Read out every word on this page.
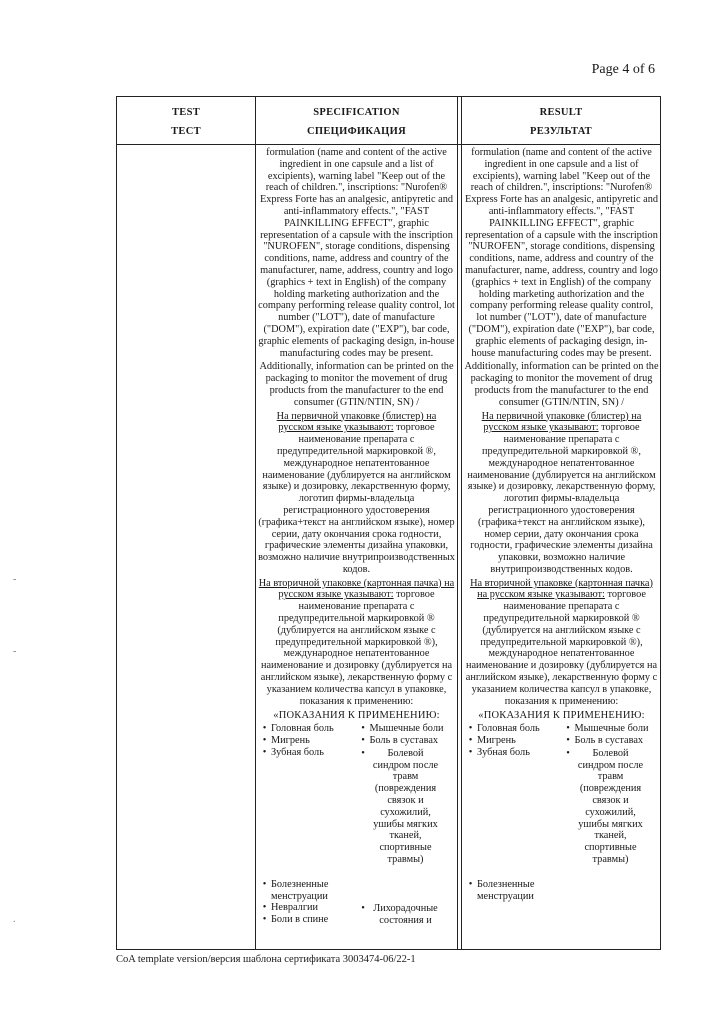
Page 4 of 6
TEST
ТЕСТ
SPECIFICATION
СПЕЦИФИКАЦИЯ
RESULT
РЕЗУЛЬТАТ
formulation (name and content of the active ingredient in one capsule and a list of excipients), warning label "Keep out of the reach of children.", inscriptions: "Nurofen® Express Forte has an analgesic, antipyretic and anti-inflammatory effects.", "FAST PAINKILLING EFFECT", graphic representation of a capsule with the inscription "NUROFEN", storage conditions, dispensing conditions, name, address and country of the manufacturer, name, address, country and logo (graphics + text in English) of the company holding marketing authorization and the company performing release quality control, lot number ("LOT"), date of manufacture ("DOM"), expiration date ("EXP"), bar code, graphic elements of packaging design, in-house manufacturing codes may be present.
Additionally, information can be printed on the packaging to monitor the movement of drug products from the manufacturer to the end consumer (GTIN/NTIN, SN) /
На первичной упаковке (блистер) на русском языке указывают: торговое наименование препарата с предупредительной маркировкой ®, международное непатентованное наименование (дублируется на английском языке) и дозировку, лекарственную форму, логотип фирмы-владельца регистрационного удостоверения (графика+текст на английском языке), номер серии, дату окончания срока годности, графические элементы дизайна упаковки, возможно наличие внутрипроизводственных кодов.
На вторичной упаковке (картонная пачка) на русском языке указывают: торговое наименование препарата с предупредительной маркировкой ® (дублируется на английском языке с предупредительной маркировкой ®), международное непатентованное наименование и дозировку (дублируется на английском языке), лекарственную форму с указанием количества капсул в упаковке, показания к применению:
«ПОКАЗАНИЯ К ПРИМЕНЕНИЮ:
• Головная боль
• Мигрень
• Зубная боль
• Мышечные боли
• Боль в суставах
•	Болевой синдром после травм (повреждения связок и сухожилий, ушибы мягких тканей, спортивные травмы)
• Болезненные менструации
• Невралгии
• Боли в спине
• Лихорадочные состояния и
formulation (name and content of the active ingredient in one capsule and a list of excipients), warning label "Keep out of the reach of children.", inscriptions: "Nurofen® Express Forte has an analgesic, antipyretic and anti-inflammatory effects.", "FAST PAINKILLING EFFECT", graphic representation of a capsule with the inscription "NUROFEN", storage conditions, dispensing conditions, name, address and country of the manufacturer, name, address, country and logo (graphics + text in English) of the company holding marketing authorization and the company performing release quality control, lot number ("LOT"), date of manufacture ("DOM"), expiration date ("EXP"), bar code, graphic elements of packaging design, in-house manufacturing codes may be present.
Additionally, information can be printed on the packaging to monitor the movement of drug products from the manufacturer to the end consumer (GTIN/NTIN, SN) /
На первичной упаковке (блистер) на русском языке указывают: торговое наименование препарата с предупредительной маркировкой ®, международное непатентованное наименование (дублируется на английском языке) и дозировку, лекарственную форму, логотип фирмы-владельца регистрационного удостоверения (графика+текст на английском языке), номер серии, дату окончания срока годности, графические элементы дизайна упаковки, возможно наличие внутрипроизводственных кодов.
На вторичной упаковке (картонная пачка) на русском языке указывают: торговое наименование препарата с предупредительной маркировкой ® (дублируется на английском языке с предупредительной маркировкой ®), международное непатентованное наименование и дозировку (дублируется на английском языке), лекарственную форму с указанием количества капсул в упаковке, показания к применению:
«ПОКАЗАНИЯ К ПРИМЕНЕНИЮ:
• Головная боль
• Мигрень
• Зубная боль
• Мышечные боли
• Боль в суставах
•	Болевой синдром после травм (повреждения связок и сухожилий, ушибы мягких тканей, спортивные травмы)
• Болезненные менструации
CoA template version/версия шаблона сертификата 3003474-06/22-1
-
-
.
